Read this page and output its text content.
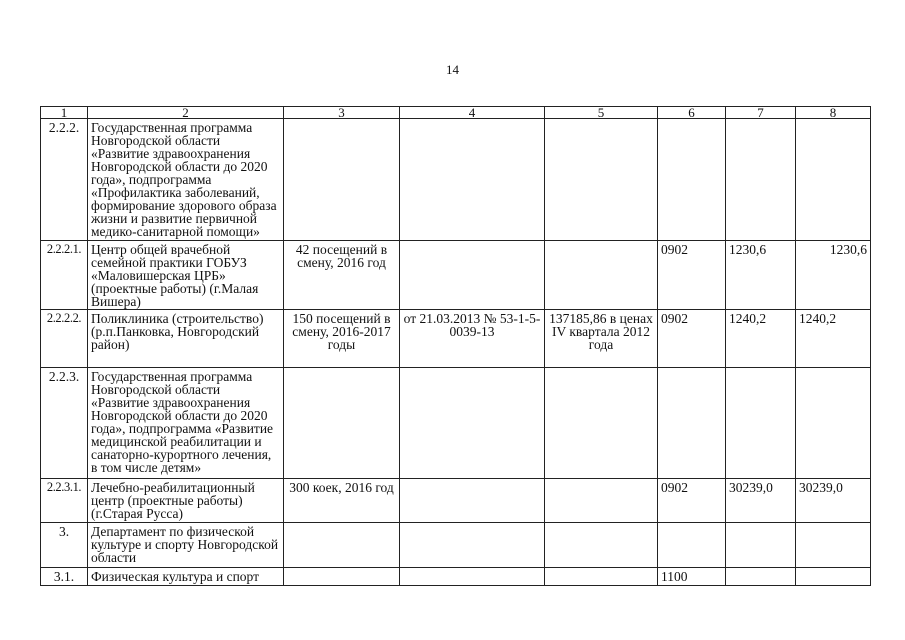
14
1	2	3	4	5	6	7	8
2.2.2.	Государственная программа Новгородской области «Развитие здравоохранения Новгородской области до 2020 года», подпрограмма «Профилактика заболеваний, формирование здорового образа жизни и развитие первичной медико-санитарной помощи»						
2.2.2.1.	Центр общей врачебной семейной практики ГОБУЗ «Маловишерская ЦРБ» (проектные работы) (г.Малая Вишера)	42 посещений в смену, 2016 год			0902	1230,6	1230,6
2.2.2.2.	Поликлиника (строительство) (р.п.Панковка, Новгородский район)	150 посещений в смену, 2016-2017 годы	от 21.03.2013 № 53-1-5-0039-13	137185,86 в ценах IV квартала 2012 года	0902	1240,2	1240,2
2.2.3.	Государственная программа Новгородской области «Развитие здравоохранения Новгородской области до 2020 года», подпрограмма «Развитие медицинской реабилитации и санаторно-курортного лечения, в том числе детям»						
2.2.3.1.	Лечебно-реабилитационный центр (проектные работы) (г.Старая Русса)	300 коек, 2016 год			0902	30239,0	30239,0
3.	Департамент по физической культуре и спорту Новгородской области						
3.1.	Физическая культура и спорт				1100		
